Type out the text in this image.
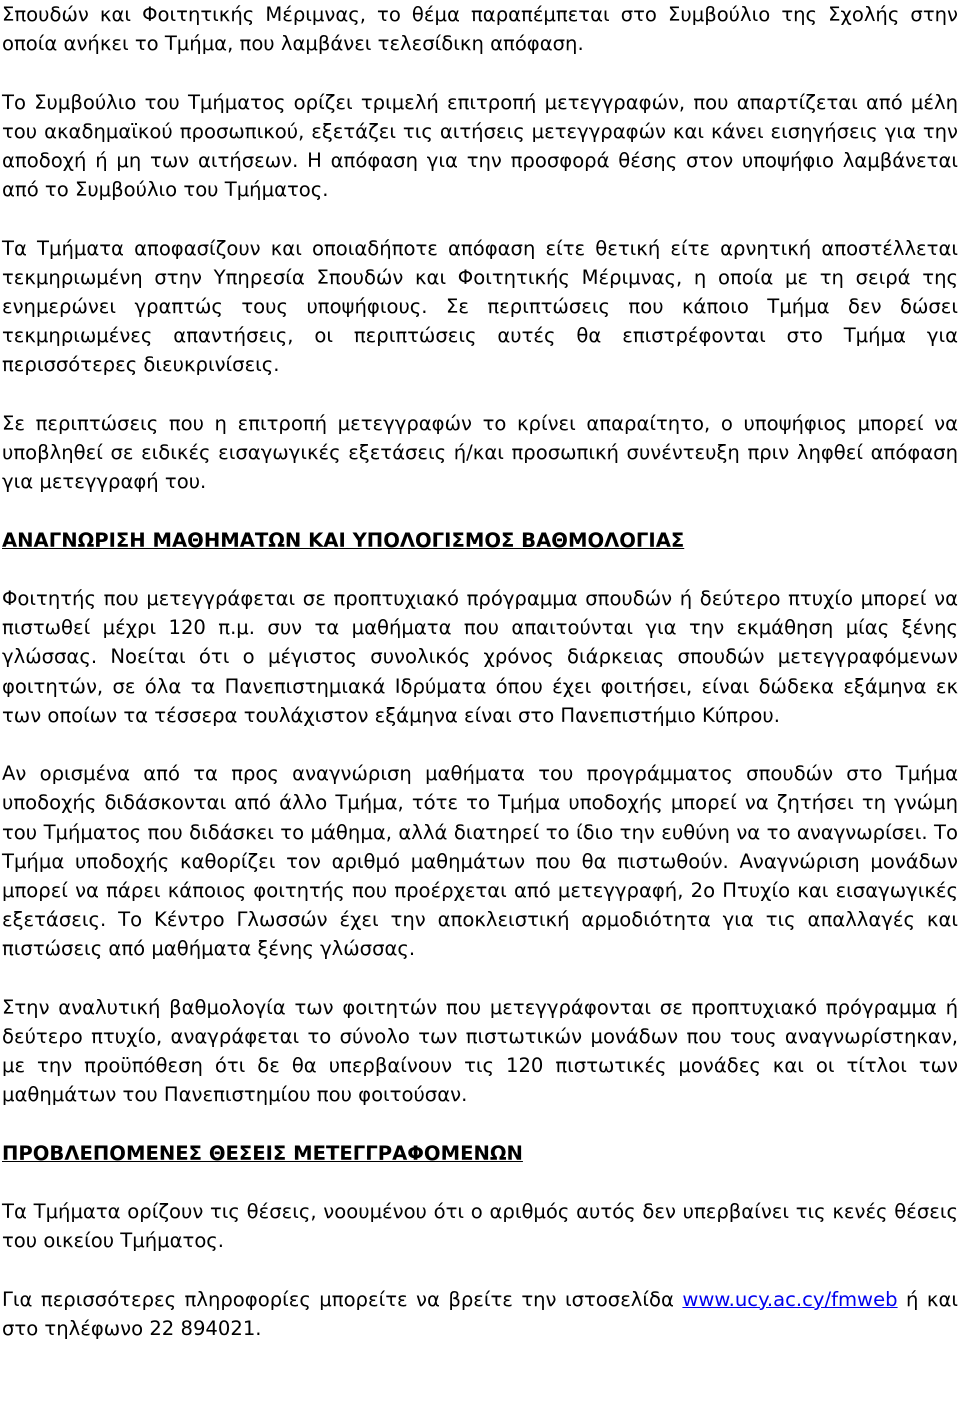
Σπουδών και Φοιτητικής Μέριμνας, το θέμα παραπέμπεται στο Συμβούλιο της Σχολής στην οποία ανήκει το Τμήμα, που λαμβάνει τελεσίδικη απόφαση.

Το Συμβούλιο του Τμήματος ορίζει τριμελή επιτροπή μετεγγραφών, που απαρτίζεται από μέλη του ακαδημαϊκού προσωπικού, εξετάζει τις αιτήσεις μετεγγραφών και κάνει εισηγήσεις για την αποδοχή ή μη των αιτήσεων. Η απόφαση για την προσφορά θέσης στον υποψήφιο λαμβάνεται από το Συμβούλιο του Τμήματος.

Τα Τμήματα αποφασίζουν και οποιαδήποτε απόφαση είτε θετική είτε αρνητική αποστέλλεται τεκμηριωμένη στην Υπηρεσία Σπουδών και Φοιτητικής Μέριμνας, η οποία με τη σειρά της ενημερώνει γραπτώς τους υποψήφιους. Σε περιπτώσεις που κάποιο Τμήμα δεν δώσει τεκμηριωμένες απαντήσεις, οι περιπτώσεις αυτές θα επιστρέφονται στο Τμήμα για περισσότερες διευκρινίσεις.

Σε περιπτώσεις που η επιτροπή μετεγγραφών το κρίνει απαραίτητο, ο υποψήφιος μπορεί να υποβληθεί σε ειδικές εισαγωγικές εξετάσεις ή/και προσωπική συνέντευξη πριν ληφθεί απόφαση για μετεγγραφή του.

ΑΝΑΓΝΩΡΙΣΗ ΜΑΘΗΜΑΤΩΝ ΚΑΙ ΥΠΟΛΟΓΙΣΜΟΣ ΒΑΘΜΟΛΟΓΙΑΣ

Φοιτητής που μετεγγράφεται σε προπτυχιακό πρόγραμμα σπουδών ή δεύτερο πτυχίο μπορεί να πιστωθεί μέχρι 120 π.μ. συν τα μαθήματα που απαιτούνται για την εκμάθηση μίας ξένης γλώσσας. Νοείται ότι ο μέγιστος συνολικός χρόνος διάρκειας σπουδών μετεγγραφόμενων φοιτητών, σε όλα τα Πανεπιστημιακά Ιδρύματα όπου έχει φοιτήσει, είναι δώδεκα εξάμηνα εκ των οποίων τα τέσσερα τουλάχιστον εξάμηνα είναι στο Πανεπιστήμιο Κύπρου.

Αν ορισμένα από τα προς αναγνώριση μαθήματα του προγράμματος σπουδών στο Τμήμα υποδοχής διδάσκονται από άλλο Τμήμα, τότε το Τμήμα υποδοχής μπορεί να ζητήσει τη γνώμη του Τμήματος που διδάσκει το μάθημα, αλλά διατηρεί το ίδιο την ευθύνη να το αναγνωρίσει. Το Τμήμα υποδοχής καθορίζει τον αριθμό μαθημάτων που θα πιστωθούν. Αναγνώριση μονάδων μπορεί να πάρει κάποιος φοιτητής που προέρχεται από μετεγγραφή, 2ο Πτυχίο και εισαγωγικές εξετάσεις. Το Κέντρο Γλωσσών έχει την αποκλειστική αρμοδιότητα για τις απαλλαγές και πιστώσεις από μαθήματα ξένης γλώσσας.

Στην αναλυτική βαθμολογία των φοιτητών που μετεγγράφονται σε προπτυχιακό πρόγραμμα ή δεύτερο πτυχίο, αναγράφεται το σύνολο των πιστωτικών μονάδων που τους αναγνωρίστηκαν, με την προϋπόθεση ότι δε θα υπερβαίνουν τις 120 πιστωτικές μονάδες και οι τίτλοι των μαθημάτων του Πανεπιστημίου που φοιτούσαν.

ΠΡΟΒΛΕΠΟΜΕΝΕΣ ΘΕΣΕΙΣ ΜΕΤΕΓΓΡΑΦΟΜΕΝΩΝ

Τα Τμήματα ορίζουν τις θέσεις, νοουμένου ότι ο αριθμός αυτός δεν υπερβαίνει τις κενές θέσεις του οικείου Τμήματος.

Για περισσότερες πληροφορίες μπορείτε να βρείτε την ιστοσελίδα www.ucy.ac.cy/fmweb ή και στο τηλέφωνο 22 894021.
